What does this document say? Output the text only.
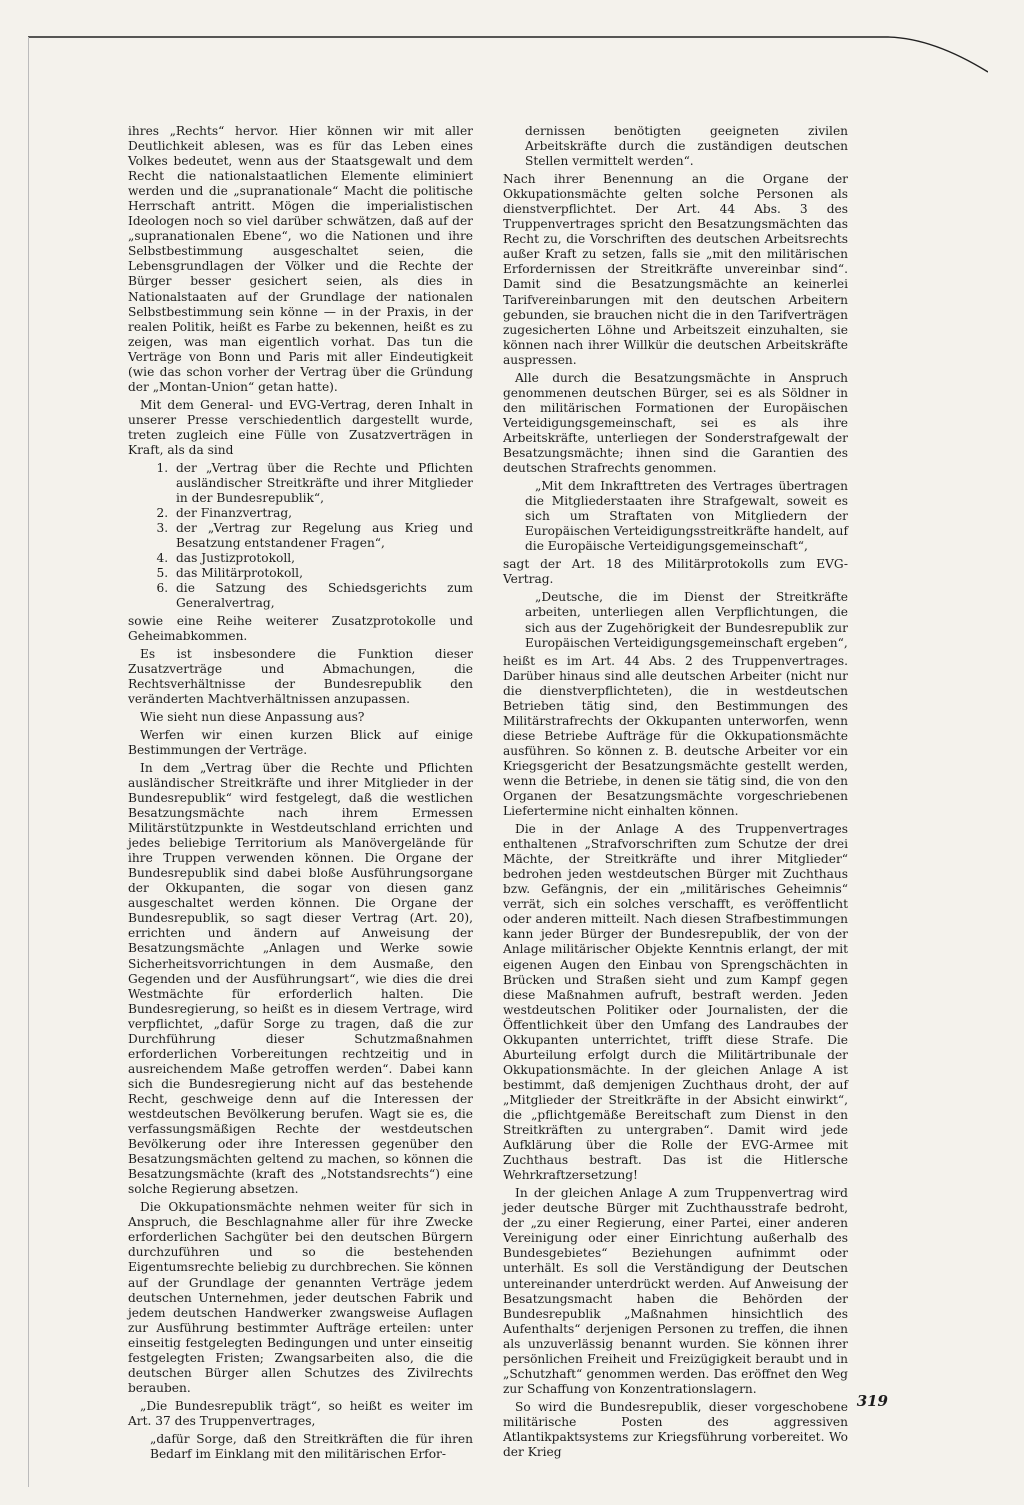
ihres „Rechts“ hervor. Hier können wir mit aller Deutlichkeit ablesen, was es für das Leben eines Volkes bedeutet, wenn aus der Staatsgewalt und dem Recht die nationalstaatlichen Elemente eliminiert werden und die „supranationale“ Macht die politische Herrschaft antritt. Mögen die imperialistischen Ideologen noch so viel darüber schwätzen, daß auf der „supranationalen Ebene“, wo die Nationen und ihre Selbstbestimmung ausgeschaltet seien, die Lebensgrundlagen der Völker und die Rechte der Bürger besser gesichert seien, als dies in Nationalstaaten auf der Grundlage der nationalen Selbstbestimmung sein könne — in der Praxis, in der realen Politik, heißt es Farbe zu bekennen, heißt es zu zeigen, was man eigentlich vorhat. Das tun die Verträge von Bonn und Paris mit aller Eindeutigkeit (wie das schon vorher der Vertrag über die Gründung der „Montan-Union“ getan hatte).

Mit dem General- und EVG-Vertrag, deren Inhalt in unserer Presse verschiedentlich dargestellt wurde, treten zugleich eine Fülle von Zusatzverträgen in Kraft, als da sind

1. der „Vertrag über die Rechte und Pflichten ausländischer Streitkräfte und ihrer Mitglieder in der Bundesrepublik“,
2. der Finanzvertrag,
3. der „Vertrag zur Regelung aus Krieg und Besatzung entstandener Fragen“,
4. das Justizprotokoll,
5. das Militärprotokoll,
6. die Satzung des Schiedsgerichts zum Generalvertrag,

sowie eine Reihe weiterer Zusatzprotokolle und Geheimabkommen.

Es ist insbesondere die Funktion dieser Zusatzverträge und Abmachungen, die Rechtsverhältnisse der Bundesrepublik den veränderten Machtverhältnissen anzupassen.

Wie sieht nun diese Anpassung aus?

Werfen wir einen kurzen Blick auf einige Bestimmungen der Verträge.

In dem „Vertrag über die Rechte und Pflichten ausländischer Streitkräfte und ihrer Mitglieder in der Bundesrepublik“ wird festgelegt, daß die westlichen Besatzungsmächte nach ihrem Ermessen Militärstützpunkte in Westdeutschland errichten und jedes beliebige Territorium als Manövergelände für ihre Truppen verwenden können. Die Organe der Bundesrepublik sind dabei bloße Ausführungsorgane der Okkupanten, die sogar von diesen ganz ausgeschaltet werden können. Die Organe der Bundesrepublik, so sagt dieser Vertrag (Art. 20), errichten und ändern auf Anweisung der Besatzungsmächte „Anlagen und Werke sowie Sicherheitsvorrichtungen in dem Ausmaße, den Gegenden und der Ausführungsart“, wie dies die drei Westmächte für erforderlich halten. Die Bundesregierung, so heißt es in diesem Vertrage, wird verpflichtet, „dafür Sorge zu tragen, daß die zur Durchführung dieser Schutzmaßnahmen erforderlichen Vorbereitungen rechtzeitig und in ausreichendem Maße getroffen werden“. Dabei kann sich die Bundesregierung nicht auf das bestehende Recht, geschweige denn auf die Interessen der westdeutschen Bevölkerung berufen. Wagt sie es, die verfassungsmäßigen Rechte der westdeutschen Bevölkerung oder ihre Interessen gegenüber den Besatzungsmächten geltend zu machen, so können die Besatzungsmächte (kraft des „Notstandsrechts“) eine solche Regierung absetzen.

Die Okkupationsmächte nehmen weiter für sich in Anspruch, die Beschlagnahme aller für ihre Zwecke erforderlichen Sachgüter bei den deutschen Bürgern durchzuführen und so die bestehenden Eigentumsrechte beliebig zu durchbrechen. Sie können auf der Grundlage der genannten Verträge jedem deutschen Unternehmen, jeder deutschen Fabrik und jedem deutschen Handwerker zwangsweise Auflagen zur Ausführung bestimmter Aufträge erteilen: unter einseitig festgelegten Bedingungen und unter einseitig festgelegten Fristen; Zwangsarbeiten also, die die deutschen Bürger allen Schutzes des Zivilrechts berauben.

„Die Bundesrepublik trägt“, so heißt es weiter im Art. 37 des Truppenvertrages,

„dafür Sorge, daß den Streitkräften die für ihren Bedarf im Einklang mit den militärischen Erfor-

dernissen benötigten geeigneten zivilen Arbeitskräfte durch die zuständigen deutschen Stellen vermittelt werden“.

Nach ihrer Benennung an die Organe der Okkupationsmächte gelten solche Personen als dienstverpflichtet. Der Art. 44 Abs. 3 des Truppenvertrages spricht den Besatzungsmächten das Recht zu, die Vorschriften des deutschen Arbeitsrechts außer Kraft zu setzen, falls sie „mit den militärischen Erfordernissen der Streitkräfte unvereinbar sind“. Damit sind die Besatzungsmächte an keinerlei Tarifvereinbarungen mit den deutschen Arbeitern gebunden, sie brauchen nicht die in den Tarifverträgen zugesicherten Löhne und Arbeitszeit einzuhalten, sie können nach ihrer Willkür die deutschen Arbeitskräfte auspressen.

Alle durch die Besatzungsmächte in Anspruch genommenen deutschen Bürger, sei es als Söldner in den militärischen Formationen der Europäischen Verteidigungsgemeinschaft, sei es als ihre Arbeitskräfte, unterliegen der Sonderstrafgewalt der Besatzungsmächte; ihnen sind die Garantien des deutschen Strafrechts genommen.

„Mit dem Inkrafttreten des Vertrages übertragen die Mitgliederstaaten ihre Strafgewalt, soweit es sich um Straftaten von Mitgliedern der Europäischen Verteidigungsstreitkräfte handelt, auf die Europäische Verteidigungsgemeinschaft“,

sagt der Art. 18 des Militärprotokolls zum EVG-Vertrag.

„Deutsche, die im Dienst der Streitkräfte arbeiten, unterliegen allen Verpflichtungen, die sich aus der Zugehörigkeit der Bundesrepublik zur Europäischen Verteidigungsgemeinschaft ergeben“,

heißt es im Art. 44 Abs. 2 des Truppenvertrages. Darüber hinaus sind alle deutschen Arbeiter (nicht nur die dienstverpflichteten), die in westdeutschen Betrieben tätig sind, den Bestimmungen des Militärstrafrechts der Okkupanten unterworfen, wenn diese Betriebe Aufträge für die Okkupationsmächte ausführen. So können z. B. deutsche Arbeiter vor ein Kriegsgericht der Besatzungsmächte gestellt werden, wenn die Betriebe, in denen sie tätig sind, die von den Organen der Besatzungsmächte vorgeschriebenen Liefertermine nicht einhalten können.

Die in der Anlage A des Truppenvertrages enthaltenen „Strafvorschriften zum Schutze der drei Mächte, der Streitkräfte und ihrer Mitglieder“ bedrohen jeden westdeutschen Bürger mit Zuchthaus bzw. Gefängnis, der ein „militärisches Geheimnis“ verrät, sich ein solches verschafft, es veröffentlicht oder anderen mitteilt. Nach diesen Strafbestimmungen kann jeder Bürger der Bundesrepublik, der von der Anlage militärischer Objekte Kenntnis erlangt, der mit eigenen Augen den Einbau von Sprengschächten in Brücken und Straßen sieht und zum Kampf gegen diese Maßnahmen aufruft, bestraft werden. Jeden westdeutschen Politiker oder Journalisten, der die Öffentlichkeit über den Umfang des Landraubes der Okkupanten unterrichtet, trifft diese Strafe. Die Aburteilung erfolgt durch die Militärtribunale der Okkupationsmächte. In der gleichen Anlage A ist bestimmt, daß demjenigen Zuchthaus droht, der auf „Mitglieder der Streitkräfte in der Absicht einwirkt“, die „pflichtgemäße Bereitschaft zum Dienst in den Streitkräften zu untergraben“. Damit wird jede Aufklärung über die Rolle der EVG-Armee mit Zuchthaus bestraft. Das ist die Hitlersche Wehrkraftzersetzung!

In der gleichen Anlage A zum Truppenvertrag wird jeder deutsche Bürger mit Zuchthausstrafe bedroht, der „zu einer Regierung, einer Partei, einer anderen Vereinigung oder einer Einrichtung außerhalb des Bundesgebietes“ Beziehungen aufnimmt oder unterhält. Es soll die Verständigung der Deutschen untereinander unterdrückt werden. Auf Anweisung der Besatzungsmacht haben die Behörden der Bundesrepublik „Maßnahmen hinsichtlich des Aufenthalts“ derjenigen Personen zu treffen, die ihnen als unzuverlässig benannt wurden. Sie können ihrer persönlichen Freiheit und Freizügigkeit beraubt und in „Schutzhaft“ genommen werden. Das eröffnet den Weg zur Schaffung von Konzentrationslagern.

So wird die Bundesrepublik, dieser vorgeschobene militärische Posten des aggressiven Atlantikpaktsystems zur Kriegsführung vorbereitet. Wo der Krieg

319
